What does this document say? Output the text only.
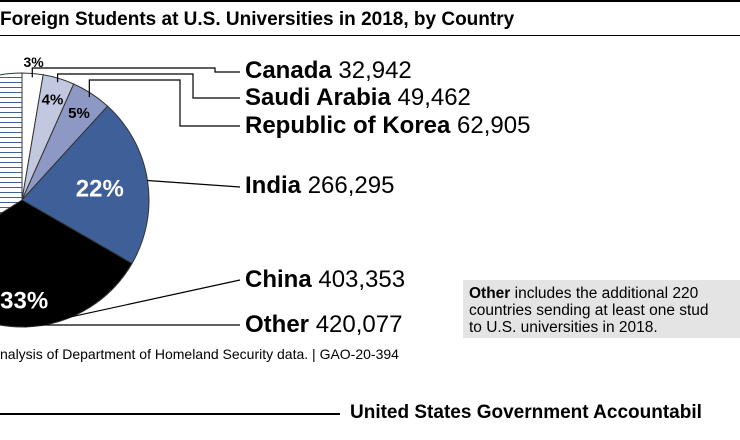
Foreign Students at U.S. Universities in 2018, by Country
3%
4%
5%
22%
33%
Canada 32,942
Saudi Arabia 49,462
Republic of Korea 62,905
India 266,295
China 403,353
Other 420,077
Other includes the additional 220
countries sending at least one stud
to U.S. universities in 2018.
nalysis of Department of Homeland Security data. | GAO-20-394
United States Government Accountabil
